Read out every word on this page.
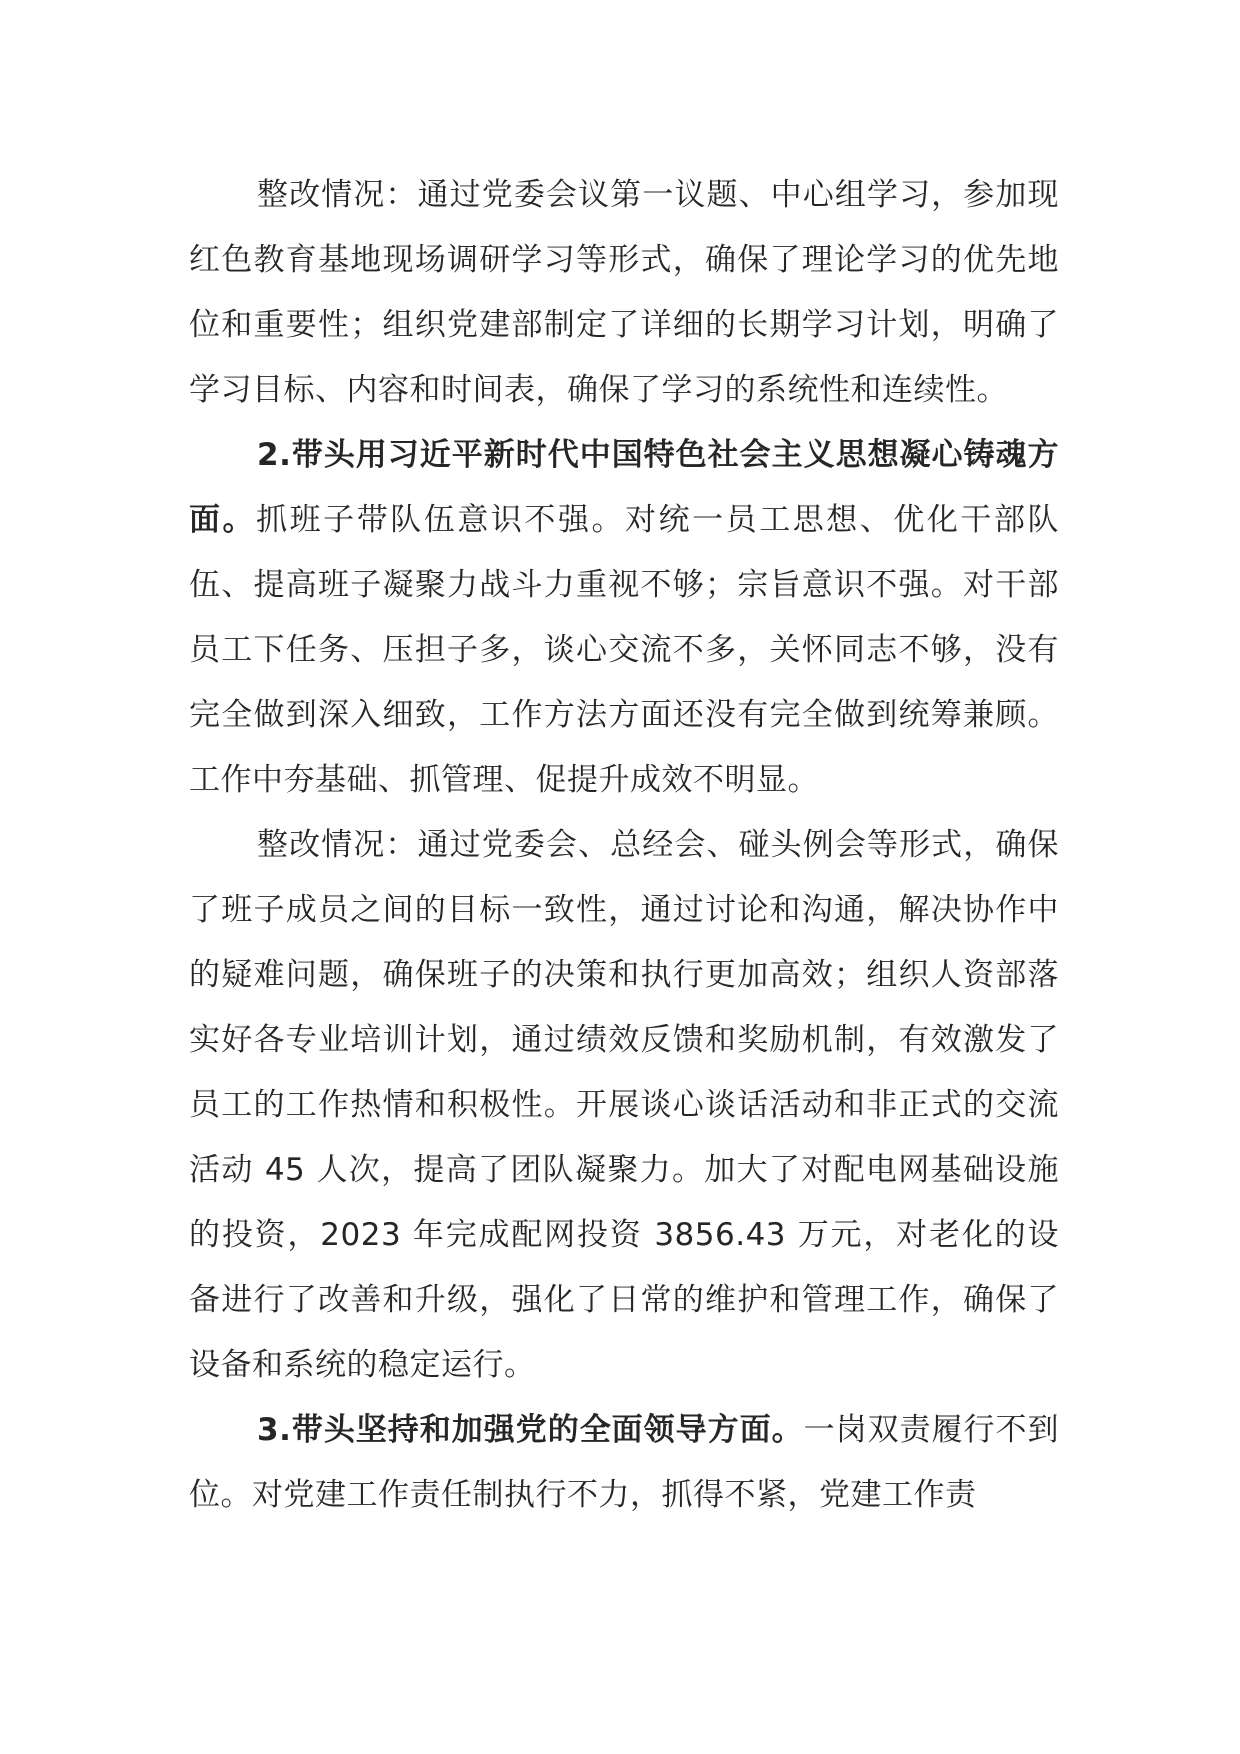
整改情况：通过党委会议第一议题、中心组学习，参加现红色教育基地现场调研学习等形式，确保了理论学习的优先地位和重要性；组织党建部制定了详细的长期学习计划，明确了学习目标、内容和时间表，确保了学习的系统性和连续性。

2.带头用习近平新时代中国特色社会主义思想凝心铸魂方面。抓班子带队伍意识不强。对统一员工思想、优化干部队伍、提高班子凝聚力战斗力重视不够；宗旨意识不强。对干部员工下任务、压担子多，谈心交流不多，关怀同志不够，没有完全做到深入细致，工作方法方面还没有完全做到统筹兼顾。工作中夯基础、抓管理、促提升成效不明显。

整改情况：通过党委会、总经会、碰头例会等形式，确保了班子成员之间的目标一致性，通过讨论和沟通，解决协作中的疑难问题，确保班子的决策和执行更加高效；组织人资部落实好各专业培训计划，通过绩效反馈和奖励机制，有效激发了员工的工作热情和积极性。开展谈心谈话活动和非正式的交流活动 45 人次，提高了团队凝聚力。加大了对配电网基础设施的投资，2023 年完成配网投资 3856.43 万元，对老化的设备进行了改善和升级，强化了日常的维护和管理工作，确保了设备和系统的稳定运行。

3.带头坚持和加强党的全面领导方面。一岗双责履行不到位。对党建工作责任制执行不力，抓得不紧，党建工作责
